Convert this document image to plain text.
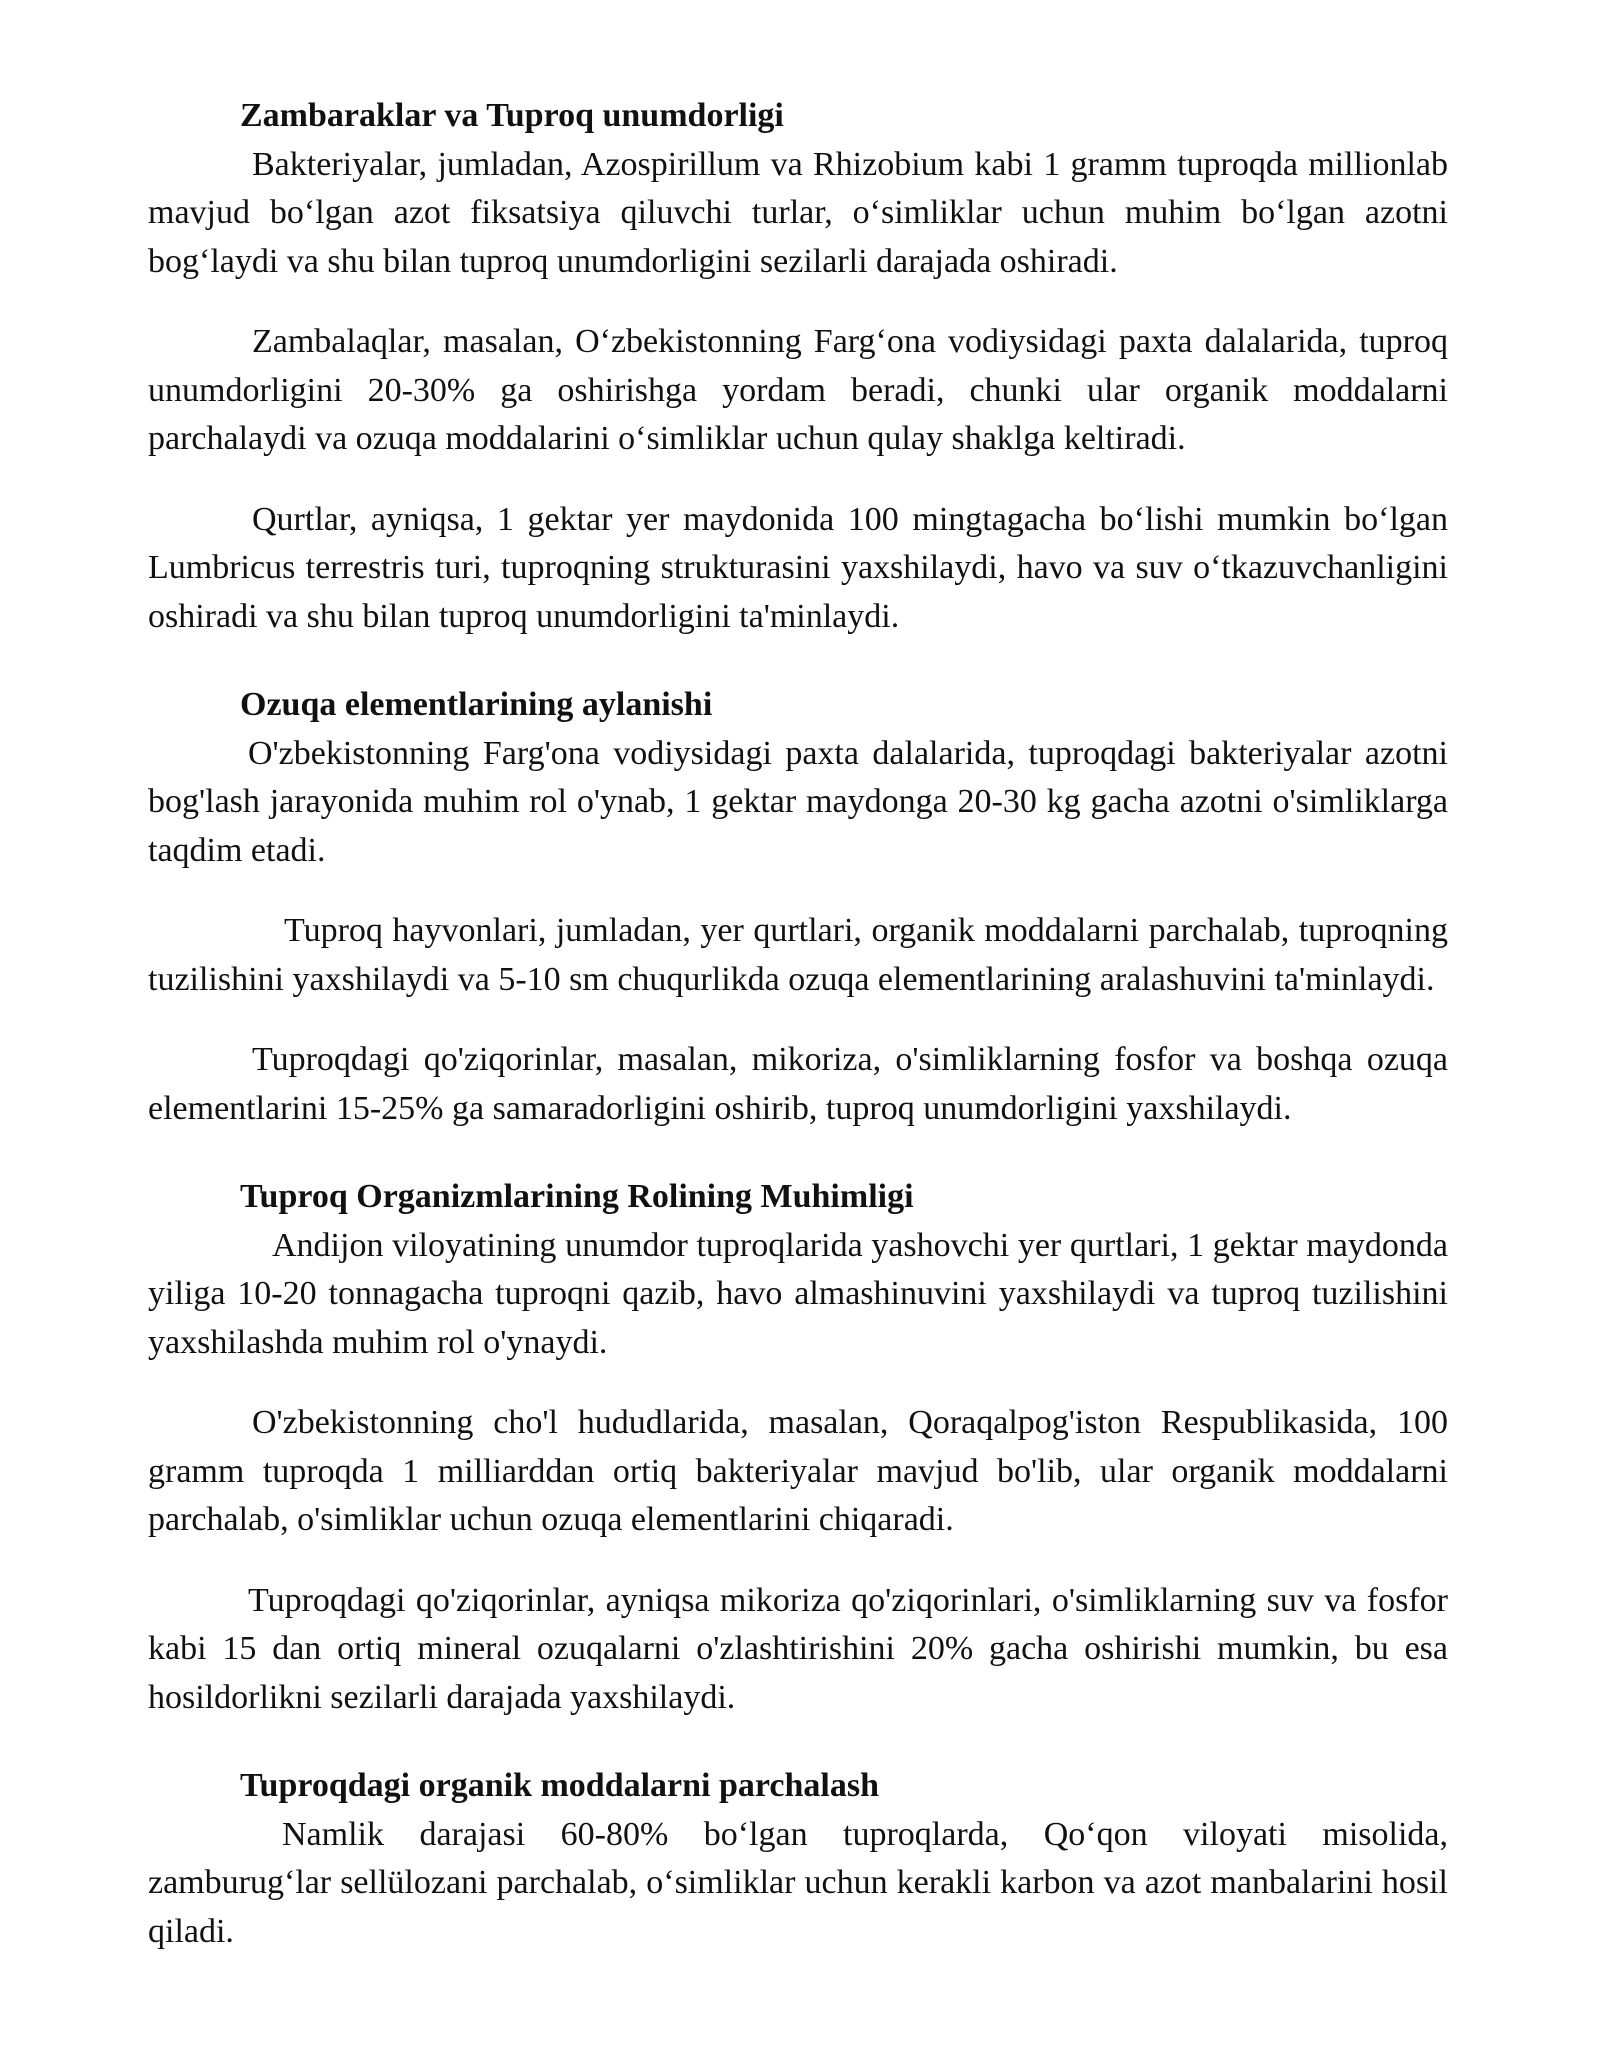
Zambaraklar va Tuproq unumdorligi

Bakteriyalar, jumladan, Azospirillum va Rhizobium kabi 1 gramm tuproqda millionlab mavjud bo‘lgan azot fiksatsiya qiluvchi turlar, o‘simliklar uchun muhim bo‘lgan azotni bog‘laydi va shu bilan tuproq unumdorligini sezilarli darajada oshiradi.

Zambalaqlar, masalan, O‘zbekistonning Farg‘ona vodiysidagi paxta dalalarida, tuproq unumdorligini 20-30% ga oshirishga yordam beradi, chunki ular organik moddalarni parchalaydi va ozuqa moddalarini o‘simliklar uchun qulay shaklga keltiradi.

Qurtlar, ayniqsa, 1 gektar yer maydonida 100 mingtagacha bo‘lishi mumkin bo‘lgan Lumbricus terrestris turi, tuproqning strukturasini yaxshilaydi, havo va suv o‘tkazuvchanligini oshiradi va shu bilan tuproq unumdorligini ta'minlaydi.

Ozuqa elementlarining aylanishi

O'zbekistonning Farg'ona vodiysidagi paxta dalalarida, tuproqdagi bakteriyalar azotni bog'lash jarayonida muhim rol o'ynab, 1 gektar maydonga 20-30 kg gacha azotni o'simliklarga taqdim etadi.

Tuproq hayvonlari, jumladan, yer qurtlari, organik moddalarni parchalab, tuproqning tuzilishini yaxshilaydi va 5-10 sm chuqurlikda ozuqa elementlarining aralashuvini ta'minlaydi.

Tuproqdagi qo'ziqorinlar, masalan, mikoriza, o'simliklarning fosfor va boshqa ozuqa elementlarini 15-25% ga samaradorligini oshirib, tuproq unumdorligini yaxshilaydi.

Tuproq Organizmlarining Rolining Muhimligi

Andijon viloyatining unumdor tuproqlarida yashovchi yer qurtlari, 1 gektar maydonda yiliga 10-20 tonnagacha tuproqni qazib, havo almashinuvini yaxshilaydi va tuproq tuzilishini yaxshilashda muhim rol o'ynaydi.

O'zbekistonning cho'l hududlarida, masalan, Qoraqalpog'iston Respublikasida, 100 gramm tuproqda 1 milliarddan ortiq bakteriyalar mavjud bo'lib, ular organik moddalarni parchalab, o'simliklar uchun ozuqa elementlarini chiqaradi.

Tuproqdagi qo'ziqorinlar, ayniqsa mikoriza qo'ziqorinlari, o'simliklarning suv va fosfor kabi 15 dan ortiq mineral ozuqalarni o'zlashtirishini 20% gacha oshirishi mumkin, bu esa hosildorlikni sezilarli darajada yaxshilaydi.

Tuproqdagi organik moddalarni parchalash

Namlik darajasi 60-80% bo‘lgan tuproqlarda, Qo‘qon viloyati misolida, zamburug‘lar sellülozani parchalab, o‘simliklar uchun kerakli karbon va azot manbalarini hosil qiladi.
